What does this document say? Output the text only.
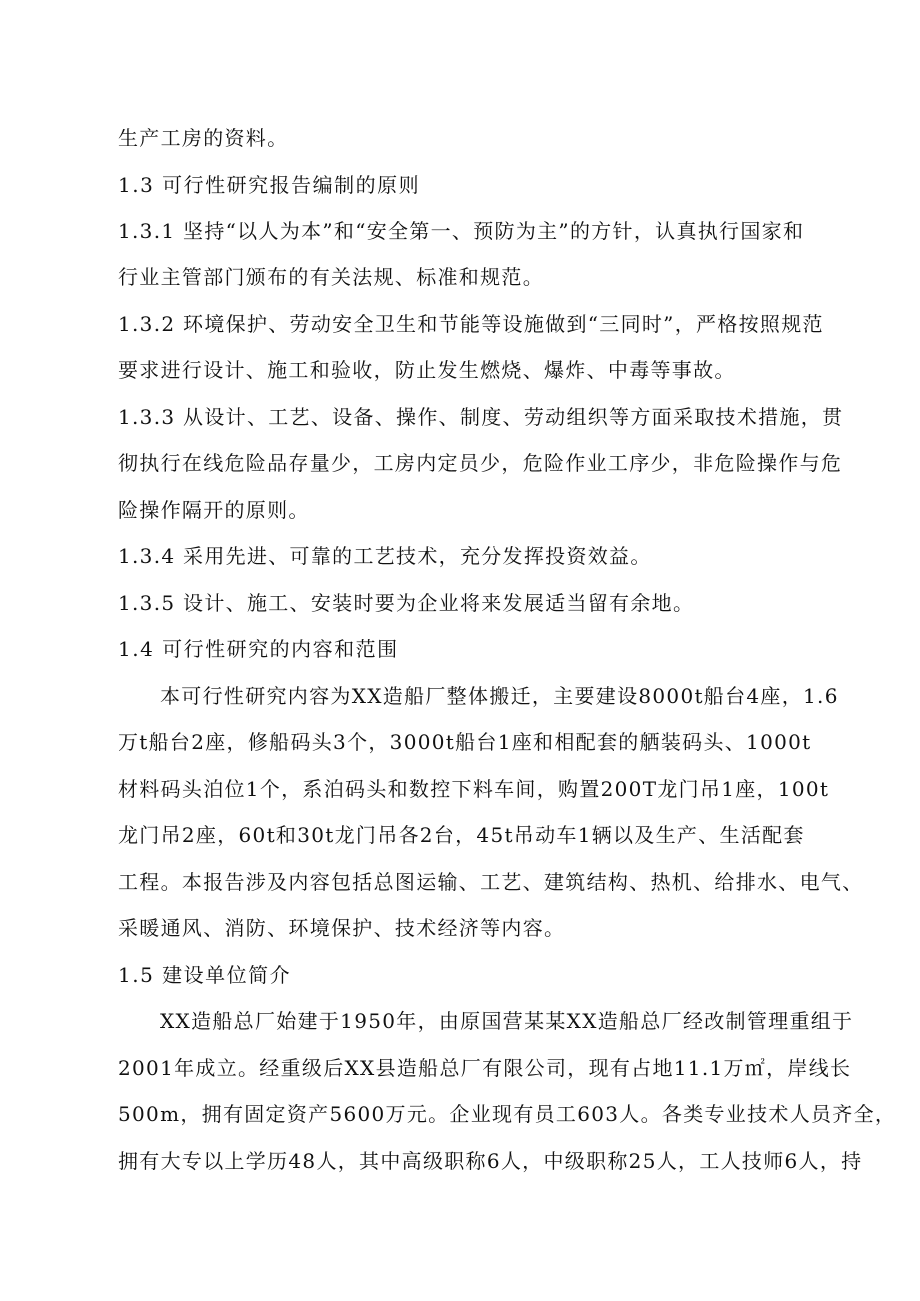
生产工房的资料。
1.3 可行性研究报告编制的原则
1.3.1 坚持“以人为本”和“安全第一、预防为主”的方针，认真执行国家和
行业主管部门颁布的有关法规、标准和规范。
1.3.2 环境保护、劳动安全卫生和节能等设施做到“三同时”，严格按照规范
要求进行设计、施工和验收，防止发生燃烧、爆炸、中毒等事故。
1.3.3 从设计、工艺、设备、操作、制度、劳动组织等方面采取技术措施，贯
彻执行在线危险品存量少，工房内定员少，危险作业工序少，非危险操作与危
险操作隔开的原则。
1.3.4 采用先进、可靠的工艺技术，充分发挥投资效益。
1.3.5 设计、施工、安装时要为企业将来发展适当留有余地。
1.4 可行性研究的内容和范围
本可行性研究内容为XX造船厂整体搬迁，主要建设8000t船台4座，1.6
万t船台2座，修船码头3个，3000t船台1座和相配套的舾装码头、1000t
材料码头泊位1个，系泊码头和数控下料车间，购置200T龙门吊1座，100t
龙门吊2座，60t和30t龙门吊各2台，45t吊动车1辆以及生产、生活配套
工程。本报告涉及内容包括总图运输、工艺、建筑结构、热机、给排水、电气、
采暖通风、消防、环境保护、技术经济等内容。
1.5 建设单位简介
XX造船总厂始建于1950年，由原国营某某XX造船总厂经改制管理重组于
2001年成立。经重级后XX县造船总厂有限公司，现有占地11.1万㎡，岸线长
500m，拥有固定资产5600万元。企业现有员工603人。各类专业技术人员齐全，
拥有大专以上学历48人，其中高级职称6人，中级职称25人，工人技师6人，持
